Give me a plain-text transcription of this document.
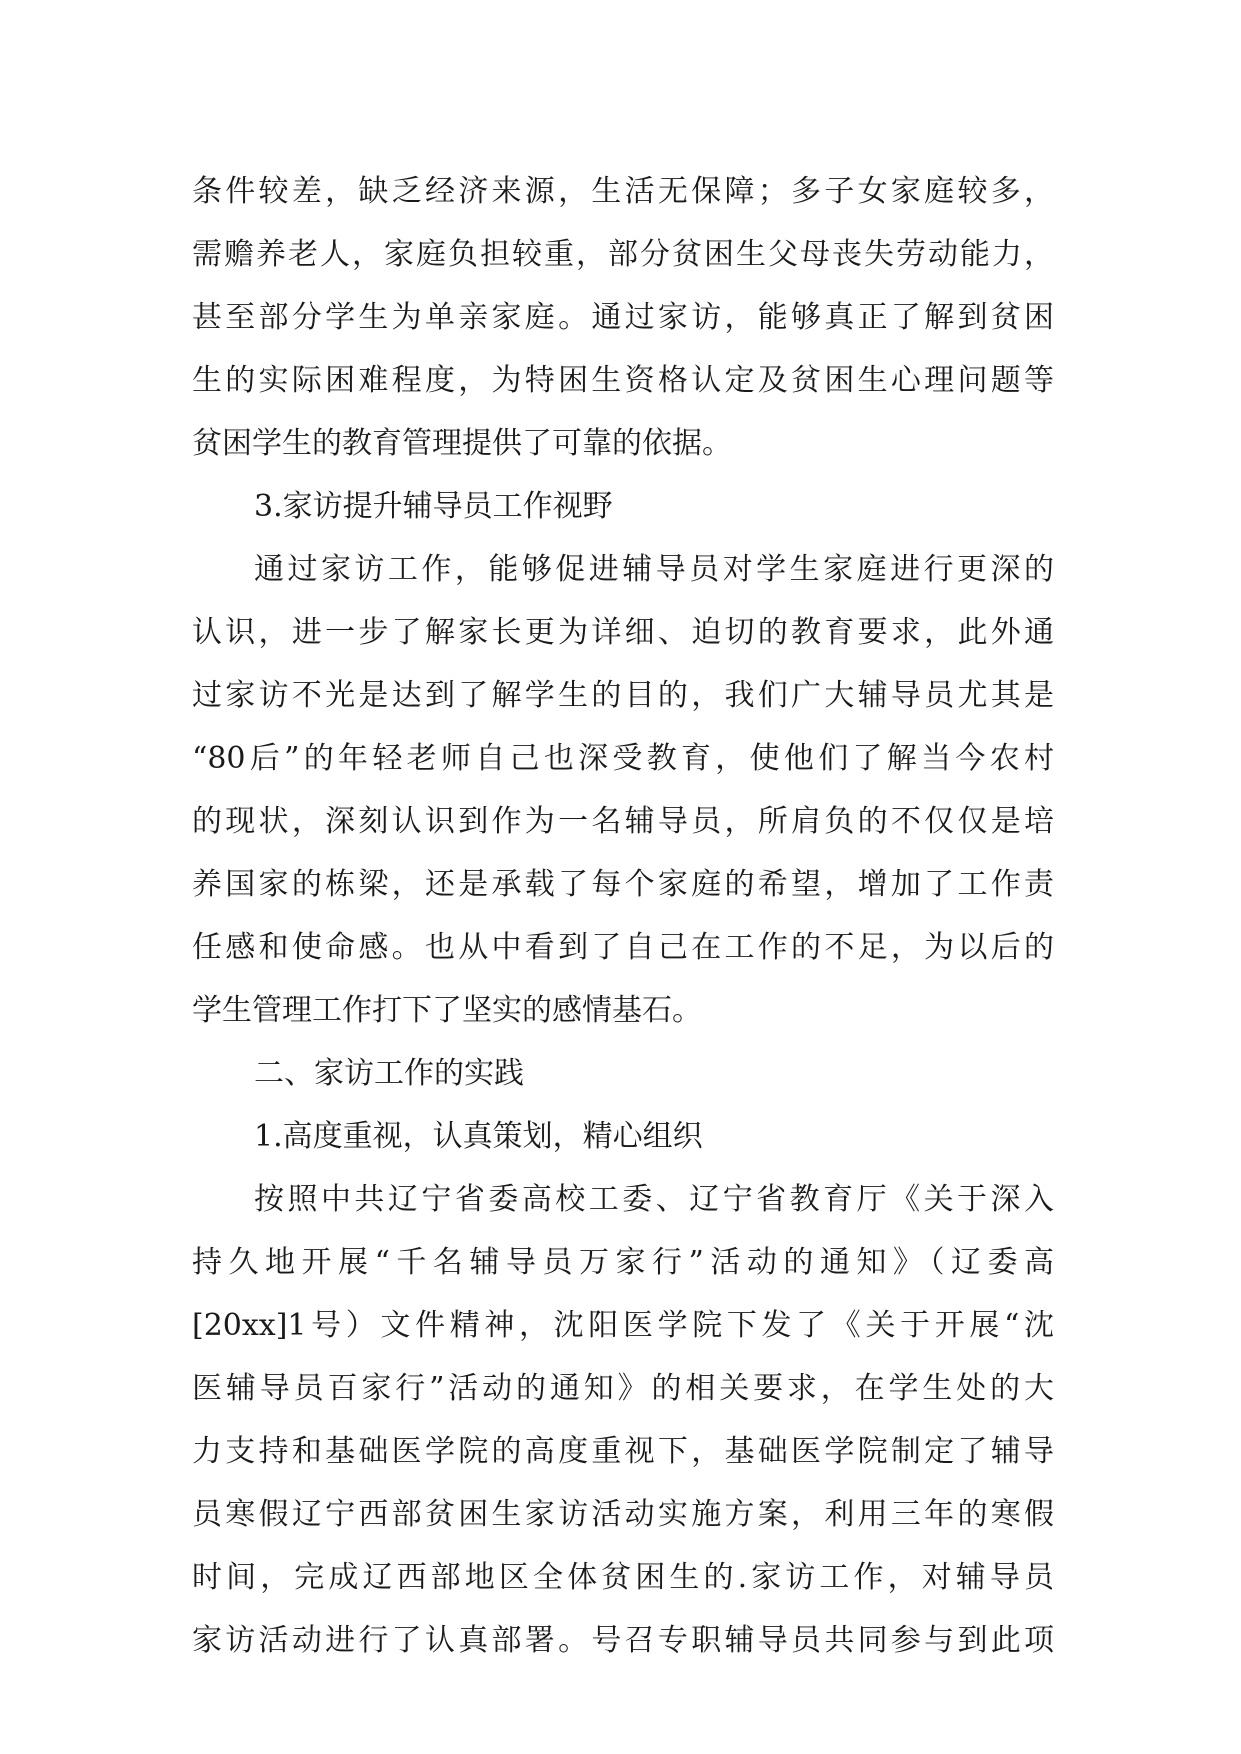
条件较差，缺乏经济来源，生活无保障；多子女家庭较多，
需赡养老人，家庭负担较重，部分贫困生父母丧失劳动能力，
甚至部分学生为单亲家庭。通过家访，能够真正了解到贫困
生的实际困难程度，为特困生资格认定及贫困生心理问题等
贫困学生的教育管理提供了可靠的依据。
3.家访提升辅导员工作视野
通过家访工作，能够促进辅导员对学生家庭进行更深的
认识，进一步了解家长更为详细、迫切的教育要求，此外通
过家访不光是达到了解学生的目的，我们广大辅导员尤其是
“80后”的年轻老师自己也深受教育，使他们了解当今农村
的现状，深刻认识到作为一名辅导员，所肩负的不仅仅是培
养国家的栋梁，还是承载了每个家庭的希望，增加了工作责
任感和使命感。也从中看到了自己在工作的不足，为以后的
学生管理工作打下了坚实的感情基石。
二、家访工作的实践
1.高度重视，认真策划，精心组织
按照中共辽宁省委高校工委、辽宁省教育厅《关于深入
持久地开展“千名辅导员万家行”活动的通知》（辽委高
[20xx]1号）文件精神，沈阳医学院下发了《关于开展“沈
医辅导员百家行”活动的通知》的相关要求，在学生处的大
力支持和基础医学院的高度重视下，基础医学院制定了辅导
员寒假辽宁西部贫困生家访活动实施方案，利用三年的寒假
时间，完成辽西部地区全体贫困生的.家访工作，对辅导员
家访活动进行了认真部署。号召专职辅导员共同参与到此项
